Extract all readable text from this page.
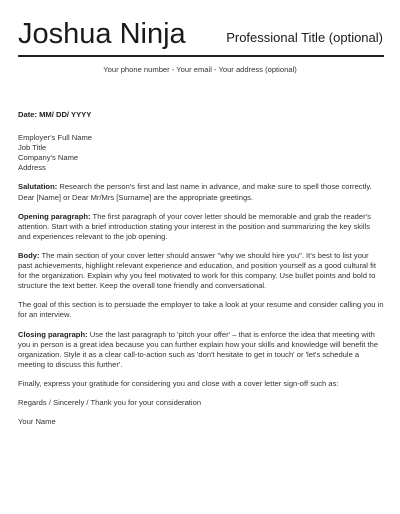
Joshua Ninja	Professional Title (optional)
Your phone number - Your email - Your address (optional)

Date: MM/ DD/ YYYY

Employer's Full Name
Job Title
Company's Name
Address

Salutation: Research the person's first and last name in advance, and make sure to spell those correctly. Dear [Name] or Dear Mr/Mrs [Surname] are the appropriate greetings.

Opening paragraph: The first paragraph of your cover letter should be memorable and grab the reader's attention. Start with a brief introduction stating your interest in the position and summarizing the key skills and experiences relevant to the job opening.

Body: The main section of your cover letter should answer "why we should hire you". It's best to list your past achievements, highlight relevant experience and education, and position yourself as a good cultural fit for the organization. Explain why you feel motivated to work for this company. Use bullet points and bold to structure the text better. Keep the overall tone friendly and conversational.

The goal of this section is to persuade the employer to take a look at your resume and consider calling you in for an interview.

Closing paragraph: Use the last paragraph to 'pitch your offer' – that is enforce the idea that meeting with you in person is a great idea because you can further explain how your skills and knowledge will benefit the organization. Style it as a clear call-to-action such as 'don't hesitate to get in touch' or 'let's schedule a meeting to discuss this further'.

Finally, express your gratitude for considering you and close with a cover letter sign-off such as:

Regards / Sincerely / Thank you for your consideration

Your Name
